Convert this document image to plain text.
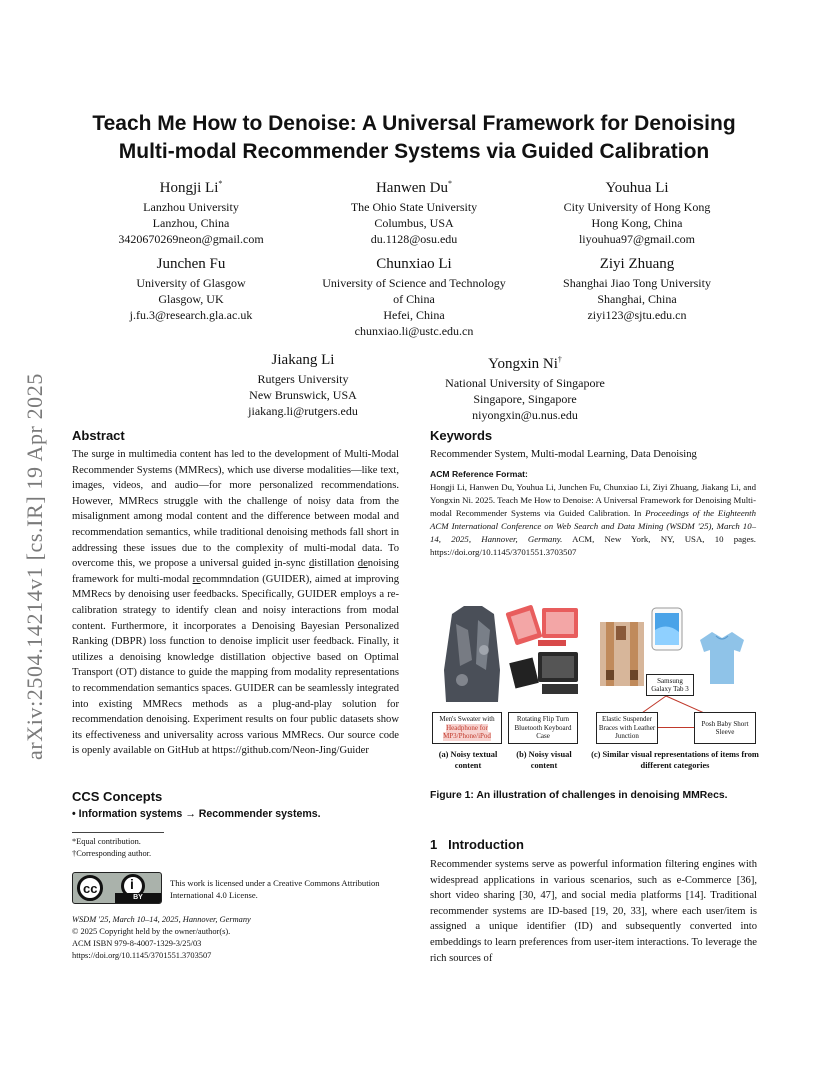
arXiv:2504.14214v1 [cs.IR] 19 Apr 2025
Teach Me How to Denoise: A Universal Framework for Denoising
Multi-modal Recommender Systems via Guided Calibration
Hongji Li*
Lanzhou University
Lanzhou, China
3420670269neon@gmail.com
Hanwen Du*
The Ohio State University
Columbus, USA
du.1128@osu.edu
Youhua Li
City University of Hong Kong
Hong Kong, China
liyouhua97@gmail.com
Junchen Fu
University of Glasgow
Glasgow, UK
j.fu.3@research.gla.ac.uk
Chunxiao Li
University of Science and Technology
of China
Hefei, China
chunxiao.li@ustc.edu.cn
Ziyi Zhuang
Shanghai Jiao Tong University
Shanghai, China
ziyi123@sjtu.edu.cn
Jiakang Li
Rutgers University
New Brunswick, USA
jiakang.li@rutgers.edu
Yongxin Ni†
National University of Singapore
Singapore, Singapore
niyongxin@u.nus.edu
Abstract
The surge in multimedia content has led to the development of Multi-Modal Recommender Systems (MMRecs), which use diverse modalities—like text, images, videos, and audio—for more personalized recommendations. However, MMRecs struggle with the challenge of noisy data from the misalignment among modal content and the difference between modal and recommendation semantics, while traditional denoising methods fall short in addressing these issues due to the complexity of multi-modal data. To overcome this, we propose a universal guided in-sync distillation denoising framework for multi-modal recommndation (GUIDER), aimed at improving MMRecs by denoising user feedbacks. Specifically, GUIDER employs a re-calibration strategy to identify clean and noisy interactions from modal content. Furthermore, it incorporates a Denoising Bayesian Personalized Ranking (DBPR) loss function to denoise implicit user feedback. Finally, it utilizes a denoising knowledge distillation objective based on Optimal Transport (OT) distance to guide the mapping from modality representations to recommendation semantics spaces. GUIDER can be seamlessly integrated into existing MMRecs methods as a plug-and-play solution for recommendation denoising. Experiment results on four public datasets show its effectiveness and universality across various MMRecs. Our source code is openly available on GitHub at https://github.com/Neon-Jing/Guider
CCS Concepts
• Information systems → Recommender systems.
*Equal contribution.
†Corresponding author.
cc i
BY
This work is licensed under a Creative Commons Attribution International 4.0 License.
WSDM '25, March 10–14, 2025, Hannover, Germany
© 2025 Copyright held by the owner/author(s).
ACM ISBN 979-8-4007-1329-3/25/03
https://doi.org/10.1145/3701551.3703507
Keywords
Recommender System, Multi-modal Learning, Data Denoising
ACM Reference Format:
Hongji Li, Hanwen Du, Youhua Li, Junchen Fu, Chunxiao Li, Ziyi Zhuang, Jiakang Li, and Yongxin Ni. 2025. Teach Me How to Denoise: A Universal Framework for Denoising Multi-modal Recommender Systems via Guided Calibration. In Proceedings of the Eighteenth ACM International Conference on Web Search and Data Mining (WSDM '25), March 10–14, 2025, Hannover, Germany. ACM, New York, NY, USA, 10 pages. https://doi.org/10.1145/3701551.3703507
Samsung Galaxy Tab 3
Men's Sweater with
Headphone for
MP3/Phone/iPod
Rotating Flip Turn Bluetooth Keyboard Case
Elastic Suspender Braces with Leather Junction
Posh Baby Short Sleeve
(a) Noisy textual content
(b) Noisy visual content
(c) Similar visual representations of items from different categories
Figure 1: An illustration of challenges in denoising MMRecs.
1 Introduction
Recommender systems serve as powerful information filtering engines with widespread applications in various scenarios, such as e-Commerce [36], short video sharing [30, 47], and social media platforms [14]. Traditional recommender systems are ID-based [19, 20, 33], where each user/item is assigned a unique identifier (ID) and subsequently converted into embeddings to learn preferences from user-item interactions. To leverage the rich sources of
